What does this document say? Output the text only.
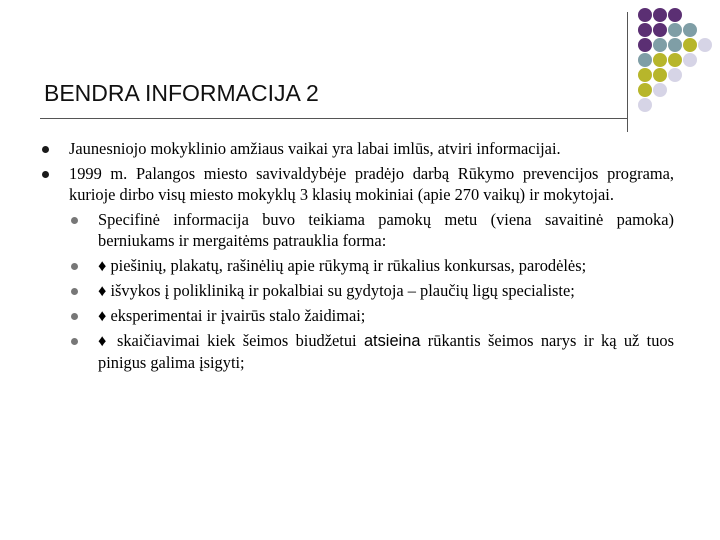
BENDRA INFORMACIJA 2
Jaunesniojo mokyklinio amžiaus vaikai yra labai imlūs, atviri informacijai.
1999 m. Palangos miesto savivaldybėje pradėjo darbą Rūkymo prevencijos programa, kurioje dirbo visų miesto mokyklų 3 klasių mokiniai (apie 270 vaikų) ir mokytojai.
Specifinė informacija buvo teikiama pamokų metu (viena savaitinė pamoka) berniukams ir mergaitėms patrauklia forma:
♦ piešinių, plakatų, rašinėlių apie rūkymą ir rūkalius konkursas, parodėlės;
♦ išvykos į polikliniką ir pokalbiai su gydytoja – plaučių ligų specialiste;
♦ eksperimentai ir įvairūs stalo žaidimai;
♦ skaičiavimai kiek šeimos biudžetui atsieina rūkantis šeimos narys ir ką už tuos pinigus galima įsigyti;
